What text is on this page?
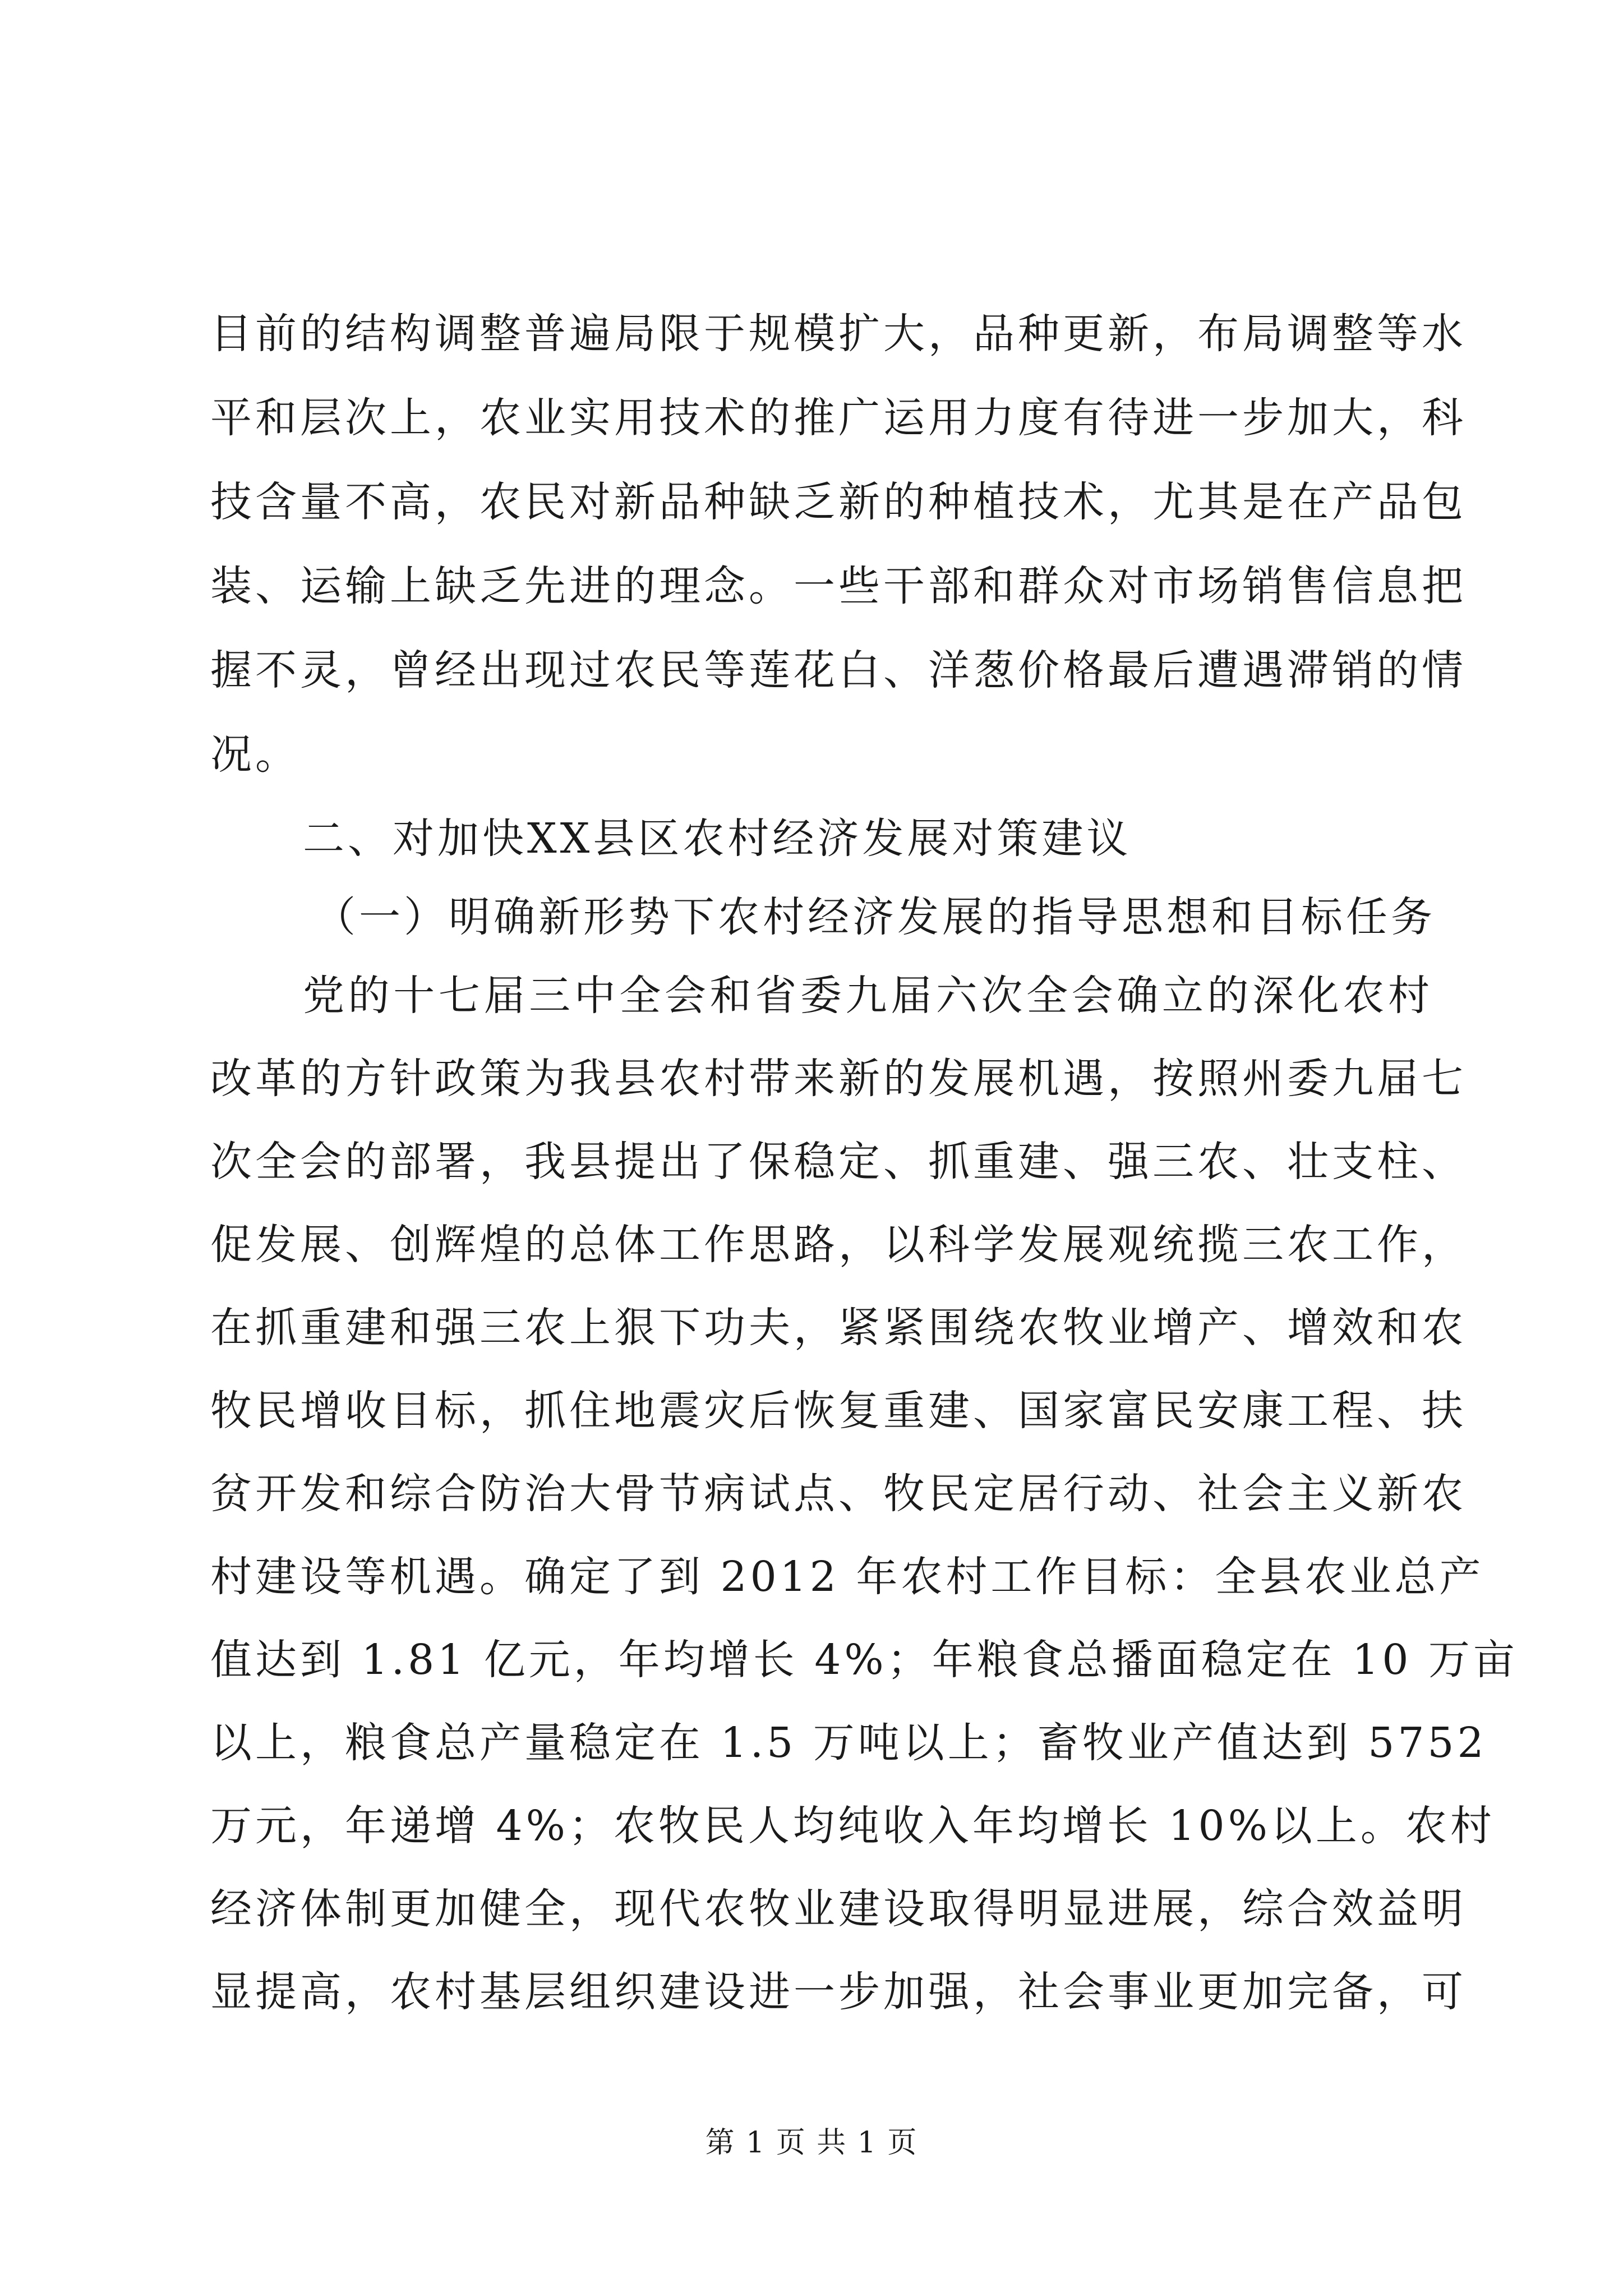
目前的结构调整普遍局限于规模扩大，品种更新，布局调整等水
平和层次上，农业实用技术的推广运用力度有待进一步加大，科
技含量不高，农民对新品种缺乏新的种植技术，尤其是在产品包
装、运输上缺乏先进的理念。一些干部和群众对市场销售信息把
握不灵，曾经出现过农民等莲花白、洋葱价格最后遭遇滞销的情
况。
二、对加快XX县区农村经济发展对策建议
（一）明确新形势下农村经济发展的指导思想和目标任务
党的十七届三中全会和省委九届六次全会确立的深化农村
改革的方针政策为我县农村带来新的发展机遇，按照州委九届七
次全会的部署，我县提出了保稳定、抓重建、强三农、壮支柱、
促发展、创辉煌的总体工作思路，以科学发展观统揽三农工作，
在抓重建和强三农上狠下功夫，紧紧围绕农牧业增产、增效和农
牧民增收目标，抓住地震灾后恢复重建、国家富民安康工程、扶
贫开发和综合防治大骨节病试点、牧民定居行动、社会主义新农
村建设等机遇。确定了到 2012 年农村工作目标：全县农业总产
值达到 1.81 亿元，年均增长 4%；年粮食总播面稳定在 10 万亩
以上，粮食总产量稳定在 1.5 万吨以上；畜牧业产值达到 5752
万元，年递增 4%；农牧民人均纯收入年均增长 10%以上。农村
经济体制更加健全，现代农牧业建设取得明显进展，综合效益明
显提高，农村基层组织建设进一步加强，社会事业更加完备，可
第 1 页 共 1 页
